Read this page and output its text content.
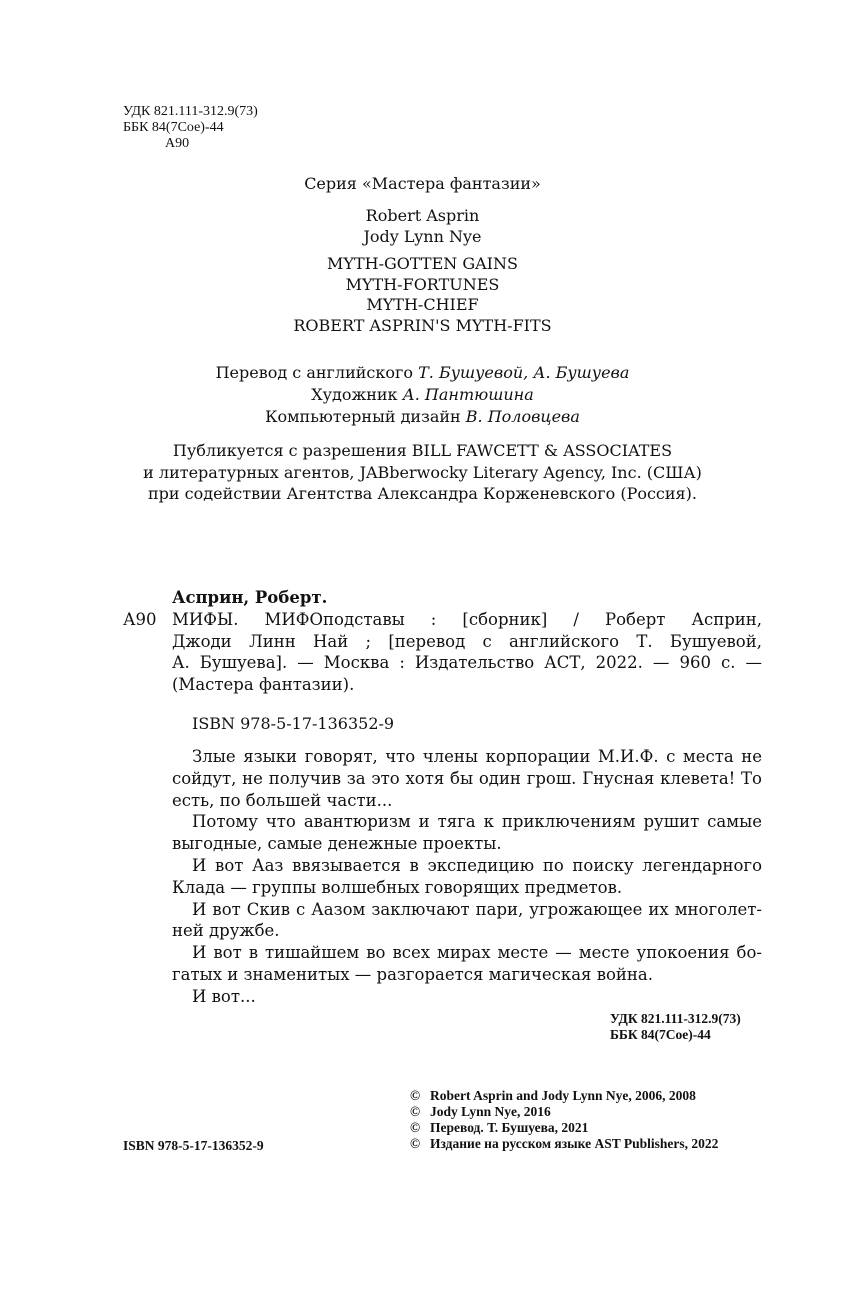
УДК 821.111-312.9(73)
ББК 84(7Сое)-44
А90
Серия «Мастера фантазии»
Robert Asprin
Jody Lynn Nye
MYTH-GOTTEN GAINS
MYTH-FORTUNES
MYTH-CHIEF
ROBERT ASPRIN'S MYTH-FITS
Перевод с английского Т. Бушуевой, А. Бушуева
Художник А. Пантюшина
Компьютерный дизайн В. Половцева
Публикуется с разрешения BILL FAWCETT & ASSOCIATES
и литературных агентов, JABberwocky Literary Agency, Inc. (США)
при содействии Агентства Александра Корженевского (Россия).
Асприн, Роберт.
А90 МИФЫ. МИФОподставы : [сборник] / Роберт Асприн,
Джоди Линн Най ; [перевод с английского Т. Бушуевой,
А. Бушуева]. — Москва : Издательство АСТ, 2022. — 960 с. —
(Мастера фантазии).
ISBN 978-5-17-136352-9
Злые языки говорят, что члены корпорации М.И.Ф. с места не
сойдут, не получив за это хотя бы один грош. Гнусная клевета! То
есть, по большей части...
Потому что авантюризм и тяга к приключениям рушит самые
выгодные, самые денежные проекты.
И вот Ааз ввязывается в экспедицию по поиску легендарного
Клада — группы волшебных говорящих предметов.
И вот Скив с Аазом заключают пари, угрожающее их многолет-
ней дружбе.
И вот в тишайшем во всех мирах месте — месте упокоения бо-
гатых и знаменитых — разгорается магическая война.
И вот...
УДК 821.111-312.9(73)
ББК 84(7Сое)-44
ISBN 978-5-17-136352-9
© Robert Asprin and Jody Lynn Nye, 2006, 2008
© Jody Lynn Nye, 2016
© Перевод. Т. Бушуева, 2021
© Издание на русском языке AST Publishers, 2022
